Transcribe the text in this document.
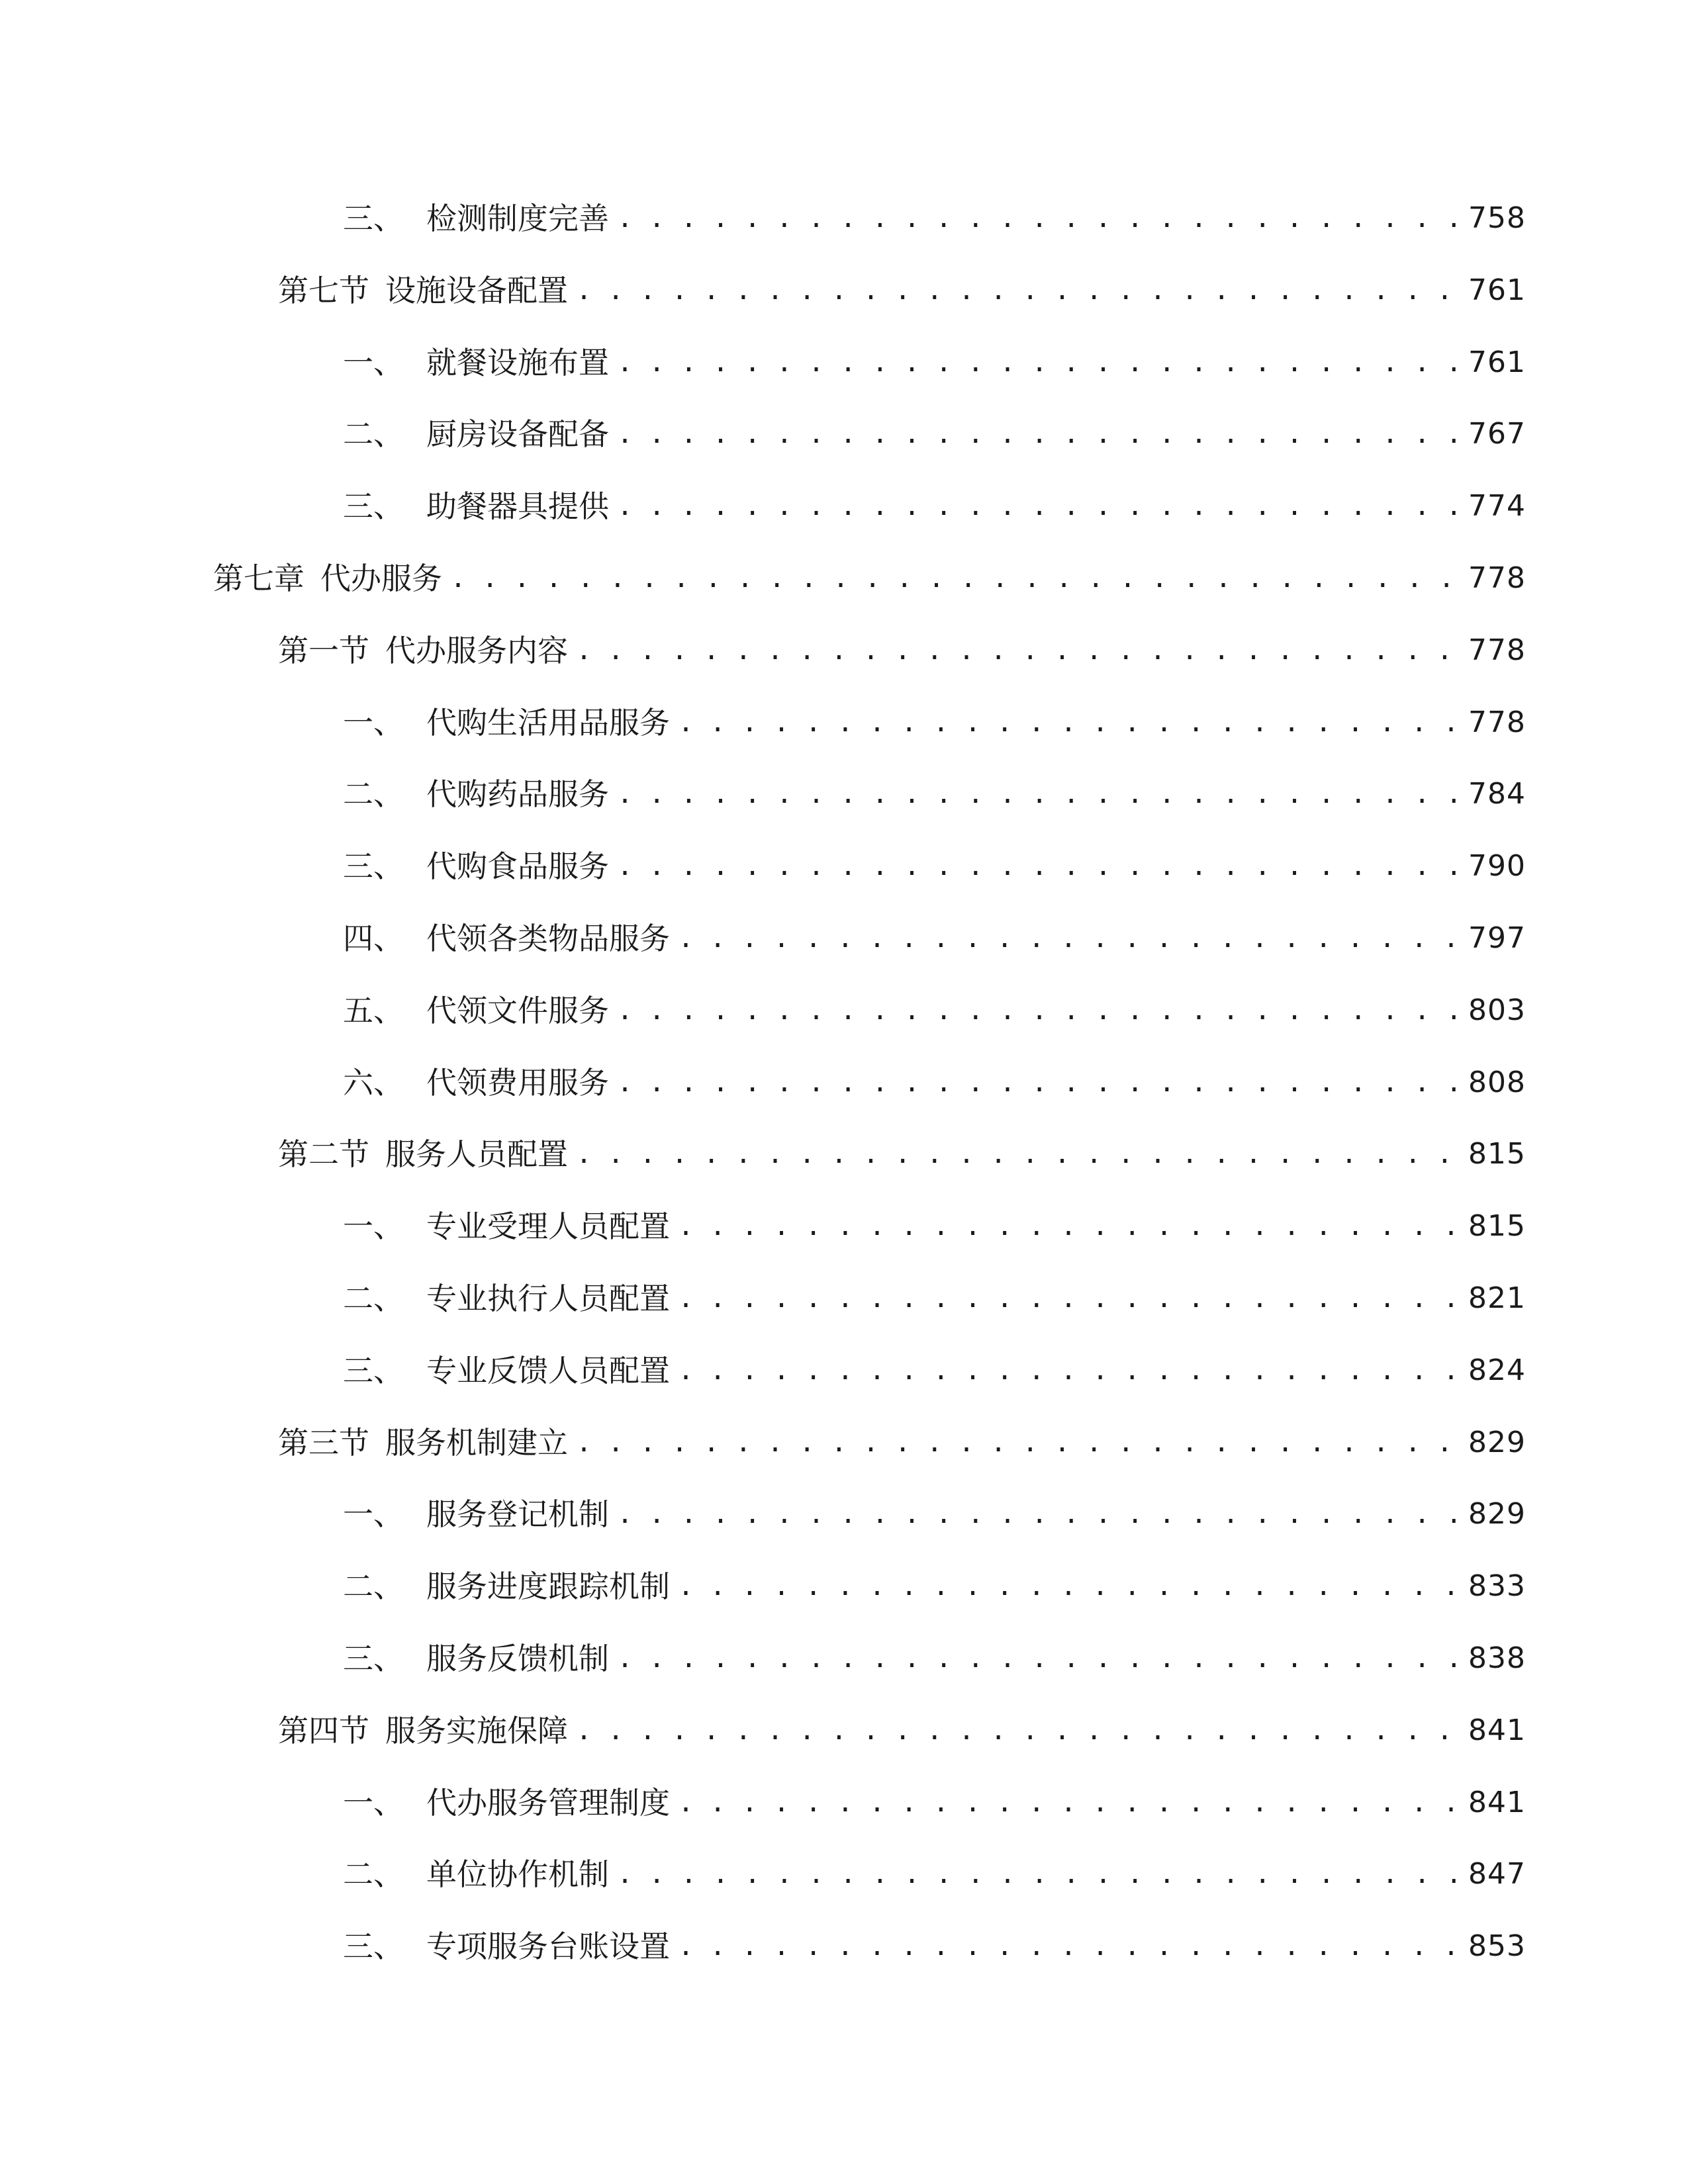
三、 检测制度完善 . . .	758
第七节 设施设备配置 . . .	761
一、 就餐设施布置 . . .	761
二、 厨房设备配备 . . .	767
三、 助餐器具提供 . . .	774
第七章 代办服务 . . .	778
第一节 代办服务内容 . . .	778
一、 代购生活用品服务 . . .	778
二、 代购药品服务 . . .	784
三、 代购食品服务 . . .	790
四、 代领各类物品服务 . . .	797
五、 代领文件服务 . . .	803
六、 代领费用服务 . . .	808
第二节 服务人员配置 . . .	815
一、 专业受理人员配置 . . .	815
二、 专业执行人员配置 . . .	821
三、 专业反馈人员配置 . . .	824
第三节 服务机制建立 . . .	829
一、 服务登记机制 . . .	829
二、 服务进度跟踪机制 . . .	833
三、 服务反馈机制 . . .	838
第四节 服务实施保障 . . .	841
一、 代办服务管理制度 . . .	841
二、 单位协作机制 . . .	847
三、 专项服务台账设置 . . .	853
